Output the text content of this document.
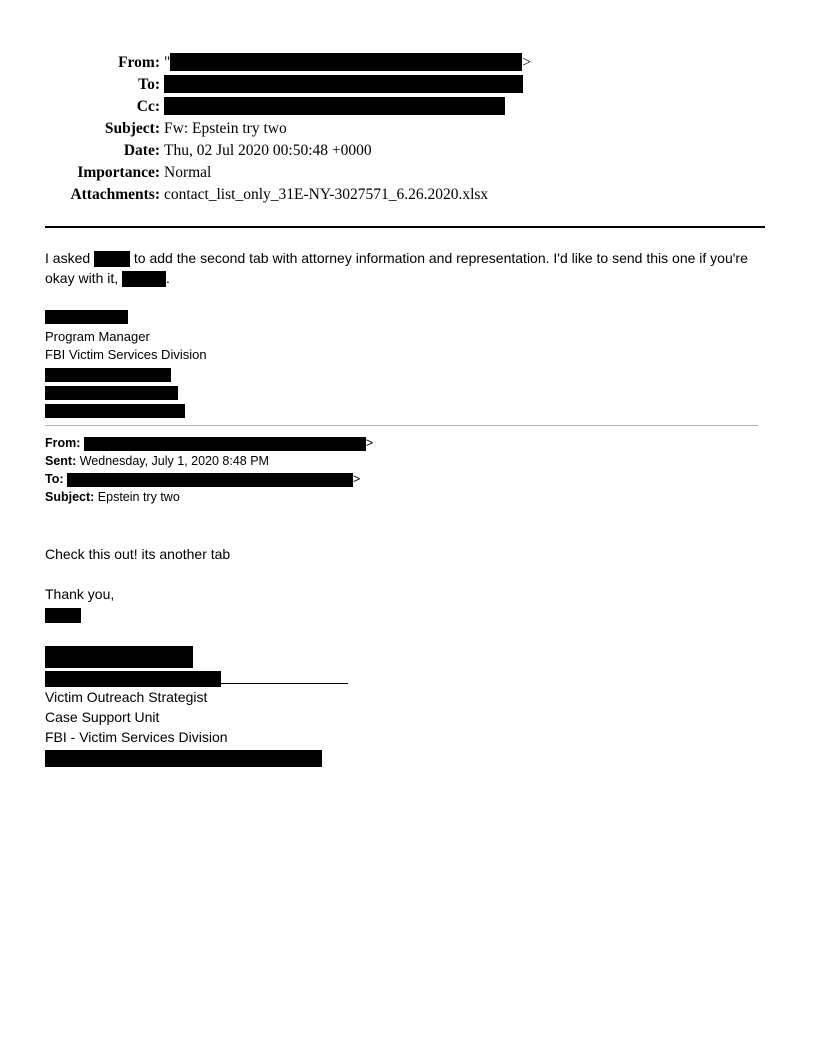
From: "	>
To:
Cc:
Subject: Fw: Epstein try two
Date: Thu, 02 Jul 2020 00:50:48 +0000
Importance: Normal
Attachments: contact_list_only_31E-NY-3027571_6.26.2020.xlsx
I asked	to add the second tab with attorney information and representation. I'd like to send this one if you're okay with it,	.
Program Manager
FBI Victim Services Division
From:	>
Sent: Wednesday, July 1, 2020 8:48 PM
To:	>
Subject: Epstein try two
Check this out! its another tab
Thank you,
Victim Outreach Strategist
Case Support Unit
FBI - Victim Services Division
